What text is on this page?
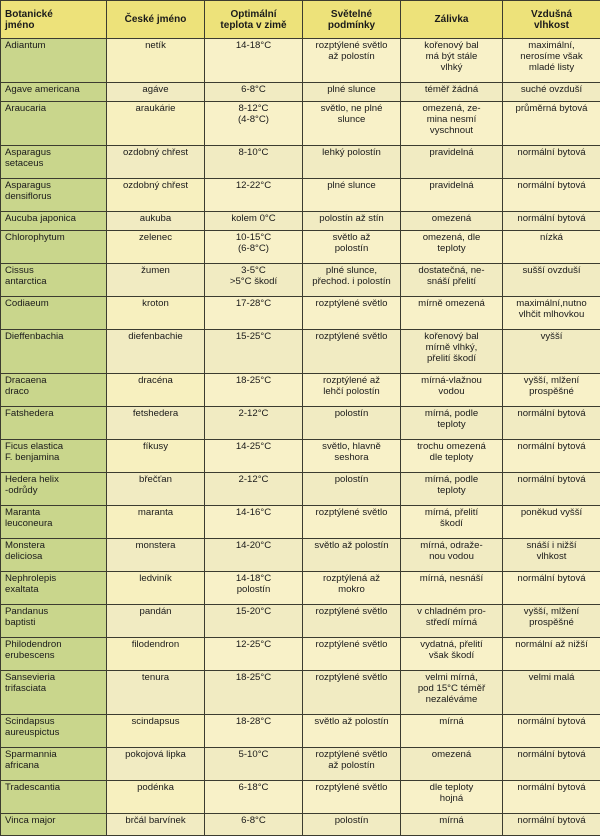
Botanické
jméno	České jméno	Optimální
teplota v zimě	Světelné
podmínky	Zálivka	Vzdušná
vlhkost
Adiantum	netík	14-18°C	rozptýlené světlo
až polostín	kořenový bal
má být stále
vlhký	maximální,
nerosíme však
mladé listy
Agave americana	agáve	6-8°C	plné slunce	téměř žádná	suché ovzduší
Araucaria	araukárie	8-12°C
(4-8°C)	světlo, ne plné
slunce	omezená, ze-
mina nesmí
vyschnout	průměrná bytová
Asparagus
setaceus	ozdobný chřest	8-10°C	lehký polostín	pravidelná	normální bytová
Asparagus
densiflorus	ozdobný chřest	12-22°C	plné slunce	pravidelná	normální bytová
Aucuba japonica	aukuba	kolem 0°C	polostín až stín	omezená	normální bytová
Chlorophytum	zelenec	10-15°C
(6-8°C)	světlo až
polostín	omezená, dle
teploty	nízká
Cissus
antarctica	žumen	3-5°C
>5°C škodí	plné slunce,
přechod. i polostín	dostatečná, ne-
snáší přelití	sušší ovzduší
Codiaeum	kroton	17-28°C	rozptýlené světlo	mírně omezená	maximální,nutno
vlhčit mlhovkou
Dieffenbachia	diefenbachie	15-25°C	rozptýlené světlo	kořenový bal
mírně vlhký,
přelití škodí	vyšší
Dracaena
draco	dracéna	18-25°C	rozptýlené až
lehčí polostín	mírná-vlažnou
vodou	vyšší, mlžení
prospěšné
Fatshedera	fetshedera	2-12°C	polostín	mírná, podle
teploty	normální bytová
Ficus elastica
F. benjamina	fíkusy	14-25°C	světlo, hlavně
seshora	trochu omezená
dle teploty	normální bytová
Hedera helix
-odrůdy	břečťan	2-12°C	polostín	mírná, podle
teploty	normální bytová
Maranta
leuconeura	maranta	14-16°C	rozptýlené světlo	mírná, přelití
škodí	poněkud vyšší
Monstera
deliciosa	monstera	14-20°C	světlo až polostín	mírná, odraže-
nou vodou	snáší i nižší
vlhkost
Nephrolepis
exaltata	ledviník	14-18°C
polostín	rozptýlená až
mokro	mírná, nesnáší	normální bytová
Pandanus
baptisti	pandán	15-20°C	rozptýlené světlo	v chladném pro-
středí mírná	vyšší, mlžení
prospěšné
Philodendron
erubescens	filodendron	12-25°C	rozptýlené světlo	vydatná, přelití
však škodí	normální až nižší
Sansevieria
trifasciata	tenura	18-25°C	rozptýlené světlo	velmi mírná,
pod 15°C téměř
nezaléváme	velmi malá
Scindapsus
aureuspictus	scindapsus	18-28°C	světlo až polostín	mírná	normální bytová
Sparmannia
africana	pokojová lipka	5-10°C	rozptýlené světlo
až polostín	omezená	normální bytová
Tradescantia	podénka	6-18°C	rozptýlené světlo	dle teploty
hojná	normální bytová
Vinca major	brčál barvínek	6-8°C	polostín	mírná	normální bytová
